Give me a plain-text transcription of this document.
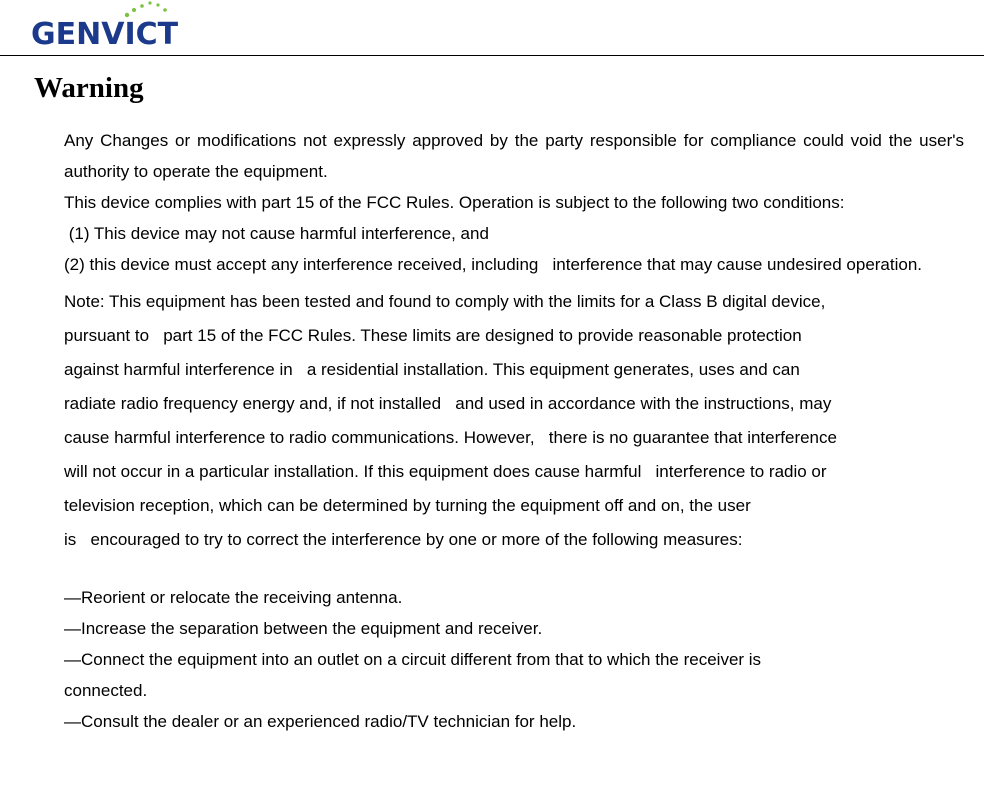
GENVICT
Warning

Any Changes or modifications not expressly approved by the party responsible for compliance could void the user's authority to operate the equipment.

This device complies with part 15 of the FCC Rules. Operation is subject to the following two conditions:

(1) This device may not cause harmful interference, and

(2) this device must accept any interference received, including   interference that may cause undesired operation.

Note: This equipment has been tested and found to comply with the limits for a Class B digital device,
pursuant to   part 15 of the FCC Rules. These limits are designed to provide reasonable protection
against harmful interference in   a residential installation. This equipment generates, uses and can
radiate radio frequency energy and, if not installed   and used in accordance with the instructions, may
cause harmful interference to radio communications. However,   there is no guarantee that interference
will not occur in a particular installation. If this equipment does cause harmful   interference to radio or
television reception, which can be determined by turning the equipment off and on, the user
is   encouraged to try to correct the interference by one or more of the following measures:
—Reorient or relocate the receiving antenna.
—Increase the separation between the equipment and receiver.
—Connect the equipment into an outlet on a circuit different from that to which the receiver is
connected.
—Consult the dealer or an experienced radio/TV technician for help.
